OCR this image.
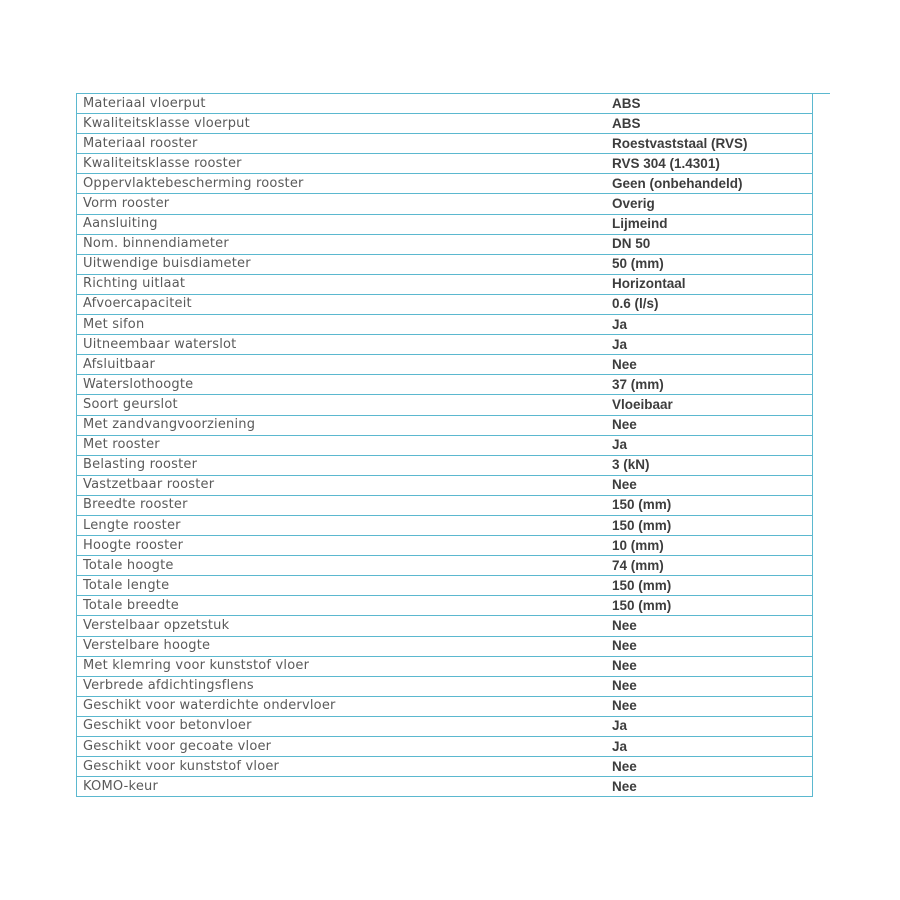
Materiaal vloerput	ABS
Kwaliteitsklasse vloerput	ABS
Materiaal rooster	Roestvaststaal (RVS)
Kwaliteitsklasse rooster	RVS 304 (1.4301)
Oppervlaktebescherming rooster	Geen (onbehandeld)
Vorm rooster	Overig
Aansluiting	Lijmeind
Nom. binnendiameter	DN 50
Uitwendige buisdiameter	50 (mm)
Richting uitlaat	Horizontaal
Afvoercapaciteit	0.6 (l/s)
Met sifon	Ja
Uitneembaar waterslot	Ja
Afsluitbaar	Nee
Waterslothoogte	37 (mm)
Soort geurslot	Vloeibaar
Met zandvangvoorziening	Nee
Met rooster	Ja
Belasting rooster	3 (kN)
Vastzetbaar rooster	Nee
Breedte rooster	150 (mm)
Lengte rooster	150 (mm)
Hoogte rooster	10 (mm)
Totale hoogte	74 (mm)
Totale lengte	150 (mm)
Totale breedte	150 (mm)
Verstelbaar opzetstuk	Nee
Verstelbare hoogte	Nee
Met klemring voor kunststof vloer	Nee
Verbrede afdichtingsflens	Nee
Geschikt voor waterdichte ondervloer	Nee
Geschikt voor betonvloer	Ja
Geschikt voor gecoate vloer	Ja
Geschikt voor kunststof vloer	Nee
KOMO-keur	Nee
